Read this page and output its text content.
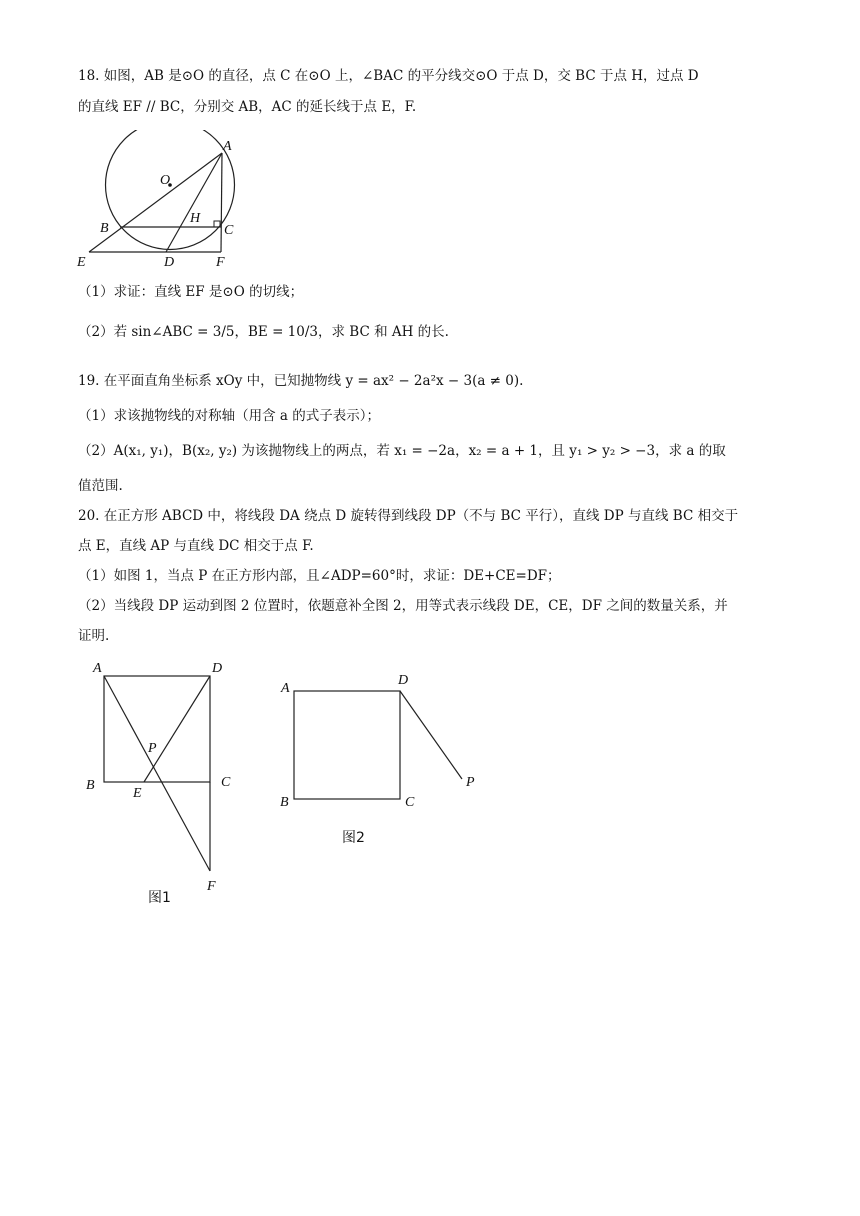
18. 如图，AB 是⊙O 的直径，点 C 在⊙O 上，∠BAC 的平分线交⊙O 于点 D，交 BC 于点 H，过点 D
的直线 EF // BC，分别交 AB，AC 的延长线于点 E，F.
A
O
B
H
C
E	D	F
（1）求证：直线 EF 是⊙O 的切线；
（2）若 sin∠ABC = 3/5，BE = 10/3，求 BC 和 AH 的长.
19. 在平面直角坐标系 xOy 中，已知抛物线 y = ax² − 2a²x − 3(a ≠ 0).
（1）求该抛物线的对称轴（用含 a 的式子表示）；
（2）A(x₁, y₁)，B(x₂, y₂) 为该抛物线上的两点，若 x₁ = −2a，x₂ = a + 1，且 y₁ > y₂ > −3，求 a 的取
值范围.
20. 在正方形 ABCD 中，将线段 DA 绕点 D 旋转得到线段 DP（不与 BC 平行），直线 DP 与直线 BC 相交于
点 E，直线 AP 与直线 DC 相交于点 F.
（1）如图 1，当点 P 在正方形内部，且∠ADP=60°时，求证：DE+CE=DF；
（2）当线段 DP 运动到图 2 位置时，依题意补全图 2，用等式表示线段 DE，CE，DF 之间的数量关系，并
证明.
A	D
P
B
E
C
F
图1
A
D
B	C
P
图2
